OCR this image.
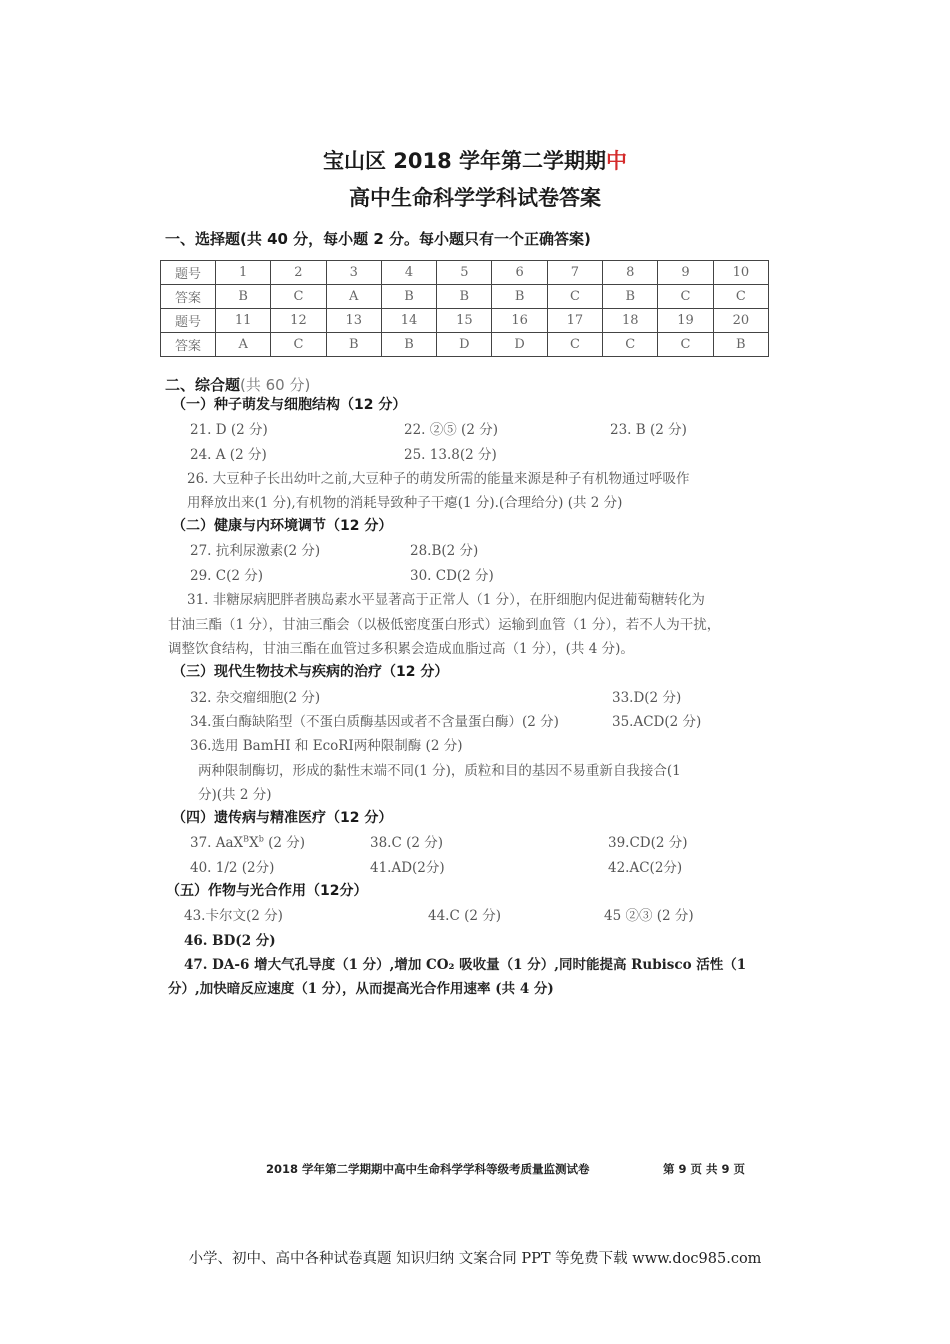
宝山区 2018 学年第二学期期中
高中生命科学学科试卷答案
一、选择题(共 40 分，每小题 2 分。每小题只有一个正确答案)
题号	1	2	3	4	5	6	7	8	9	10
答案	B	C	A	B	B	B	C	B	C	C
题号	11	12	13	14	15	16	17	18	19	20
答案	A	C	B	B	D	D	C	C	C	B
二、综合题(共 60 分)
（一）种子萌发与细胞结构（12 分）
21. D (2 分)	22. ②⑤ (2 分)	23. B (2 分)
24. A (2 分)	25. 13.8(2 分)
26. 大豆种子长出幼叶之前,大豆种子的萌发所需的能量来源是种子有机物通过呼吸作
用释放出来(1 分),有机物的消耗导致种子干瘪(1 分).(合理给分) (共 2 分)
（二）健康与内环境调节（12 分）
27. 抗利尿激素(2 分)	28.B(2 分)
29. C(2 分)	30. CD(2 分)
31. 非糖尿病肥胖者胰岛素水平显著高于正常人（1 分），在肝细胞内促进葡萄糖转化为
甘油三酯（1 分），甘油三酯会（以极低密度蛋白形式）运输到血管（1 分），若不人为干扰，
调整饮食结构，甘油三酯在血管过多积累会造成血脂过高（1 分），(共 4 分)。
（三）现代生物技术与疾病的治疗（12 分）
32. 杂交瘤细胞(2 分)	33.D(2 分)
34.蛋白酶缺陷型（不蛋白质酶基因或者不含量蛋白酶）(2 分)	35.ACD(2 分)
36.选用 BamHI 和 EcoRⅠ两种限制酶 (2 分)
两种限制酶切，形成的黏性末端不同(1 分)，质粒和目的基因不易重新自我接合(1
分)(共 2 分)
（四）遗传病与精准医疗（12 分）
37. $AaX^BX^b$ (2 分)	38.C (2 分)	39.CD(2 分)
40. 1/2 (2分)	41.AD(2分)	42.AC(2分)
（五）作物与光合作用（12分）
43.卡尔文(2 分)	44.C (2 分)	45 ②③ (2 分)
46. BD(2 分)
47. DA-6 增大气孔导度（1 分）,增加 CO₂ 吸收量（1 分）,同时能提高 Rubisco 活性（1
分）,加快暗反应速度（1 分），从而提高光合作用速率 (共 4 分)
2018 学年第二学期期中高中生命科学学科等级考质量监测试卷	第 9 页 共 9 页
小学、初中、高中各种试卷真题 知识归纳 文案合同 PPT 等免费下载 www.doc985.com
